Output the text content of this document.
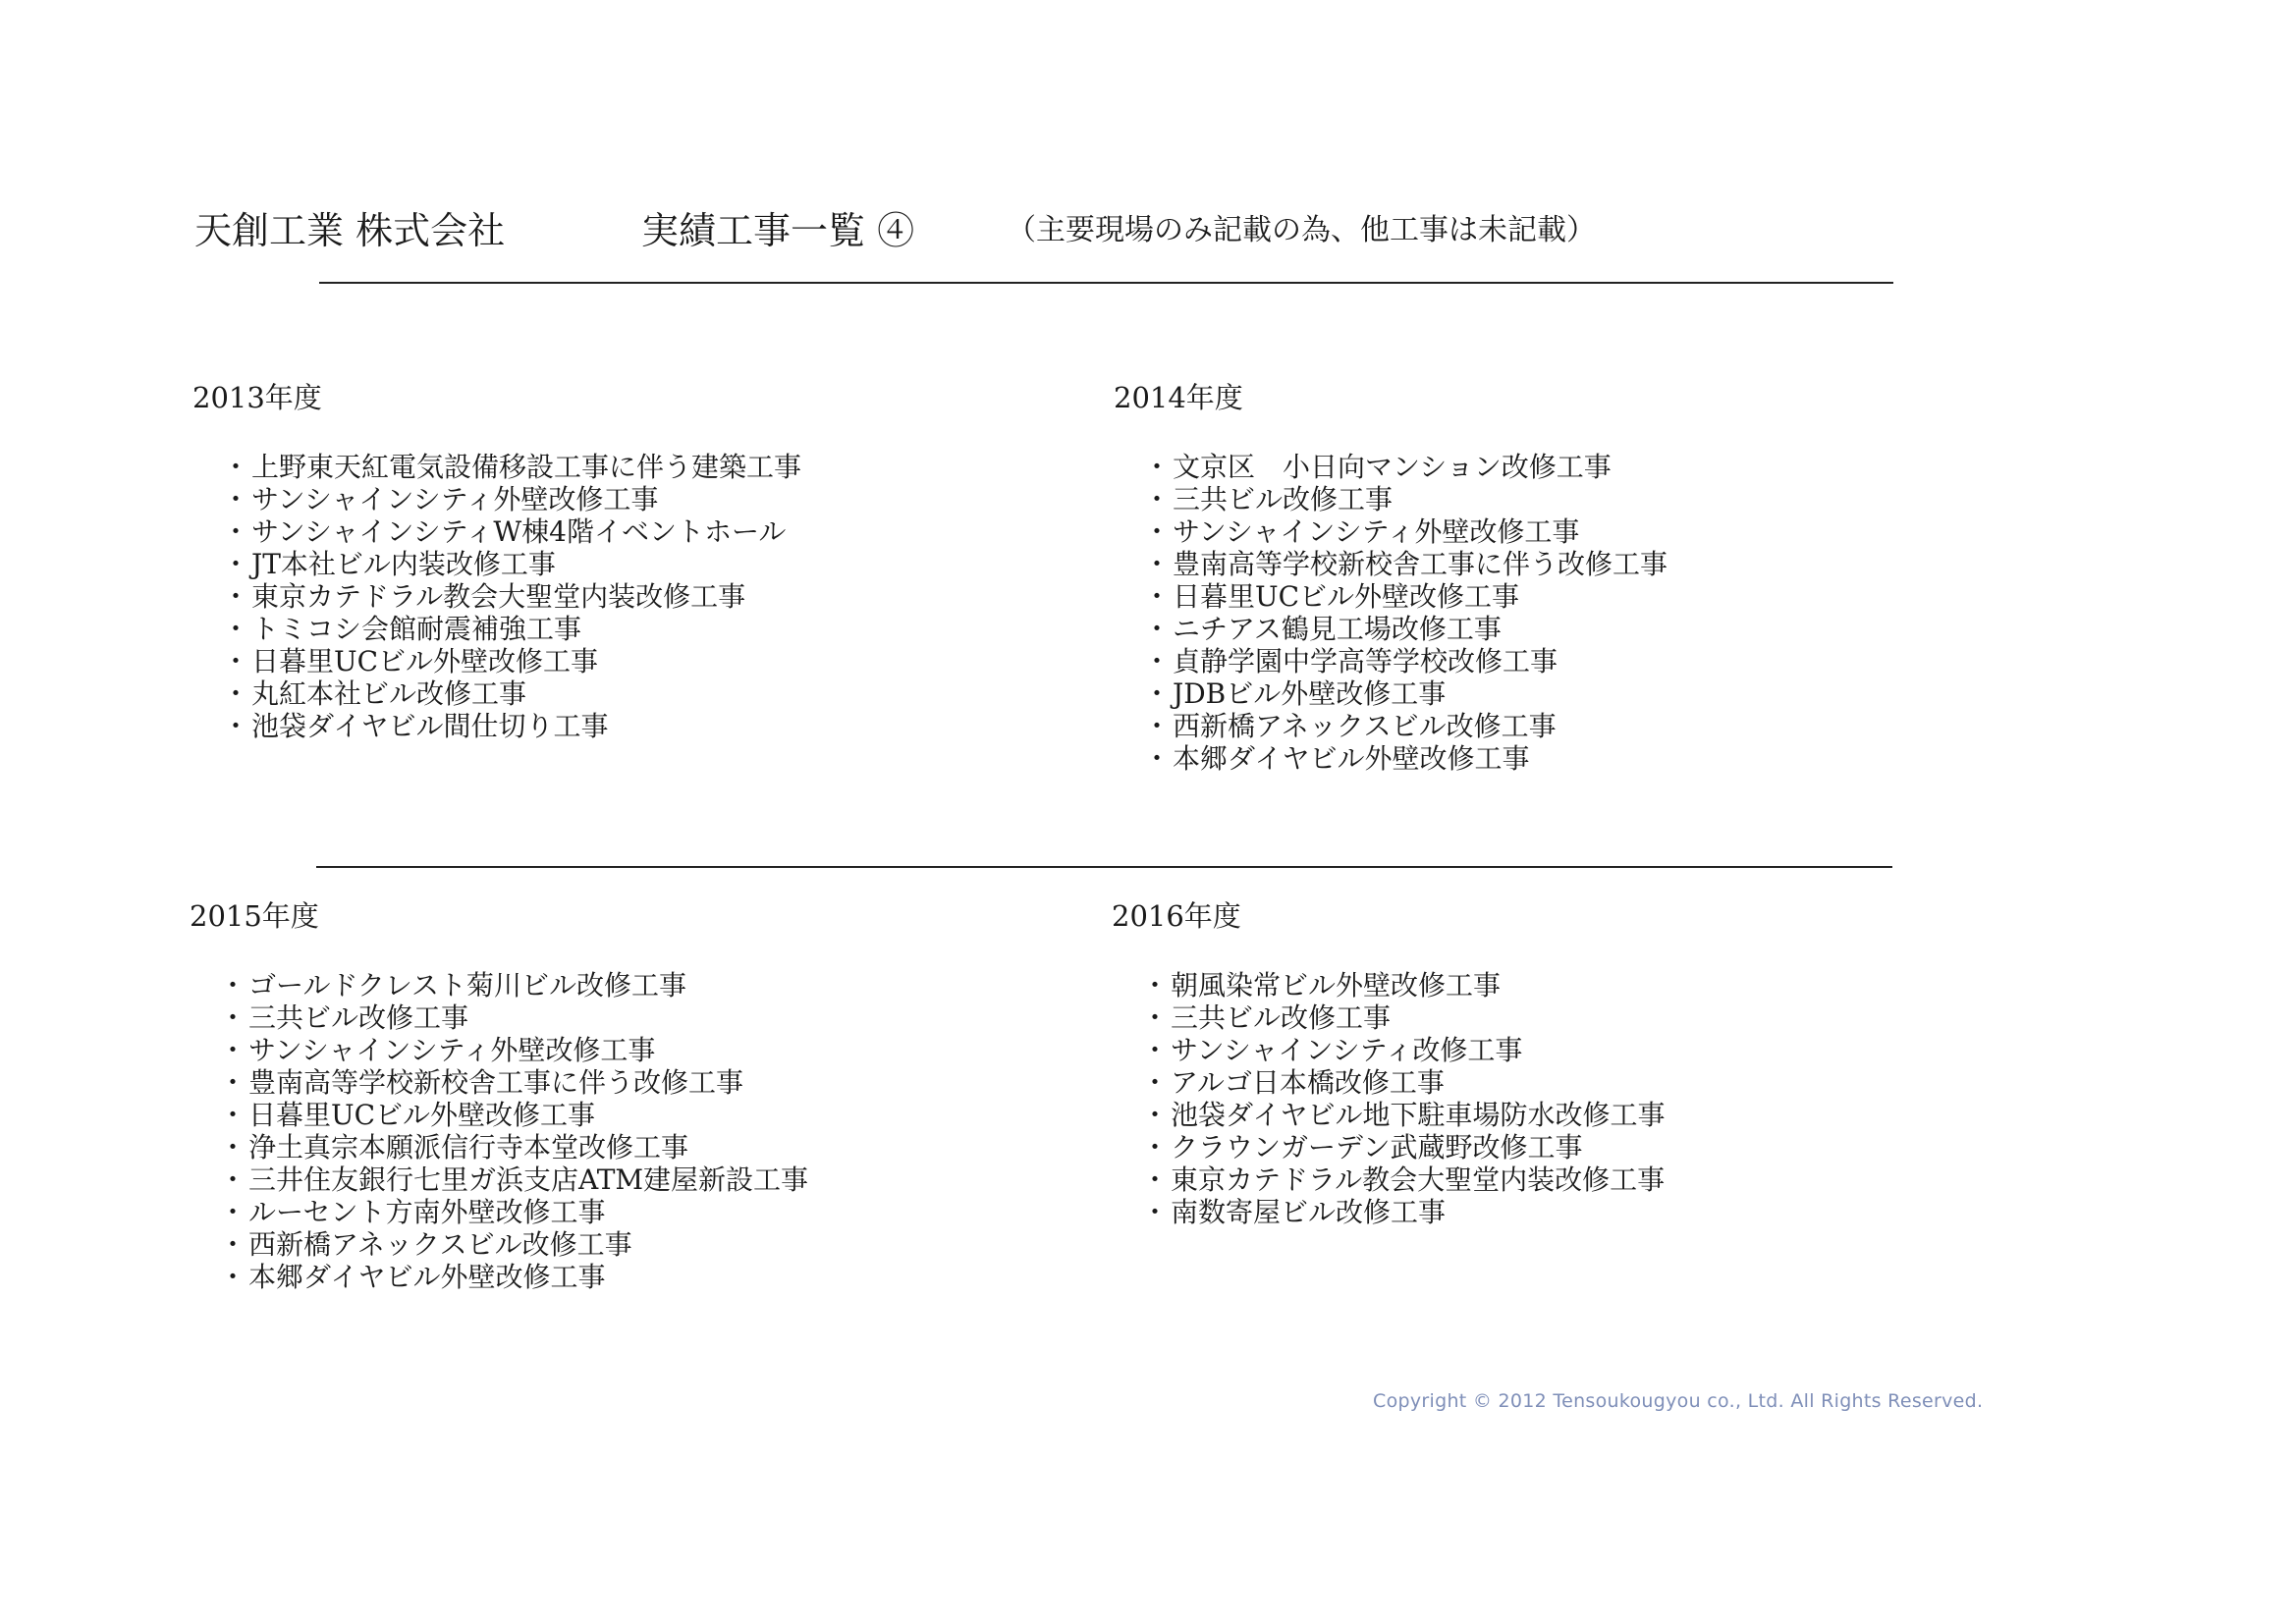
天創工業 株式会社	実績工事一覧 ④	（主要現場のみ記載の為、他工事は未記載）
2013年度
・ 上野東天紅電気設備移設工事に伴う建築工事
・ サンシャインシティ外壁改修工事
・ サンシャインシティW棟4階イベントホール
・ JT本社ビル内装改修工事
・ 東京カテドラル教会大聖堂内装改修工事
・ トミコシ会館耐震補強工事
・ 日暮里UCビル外壁改修工事
・ 丸紅本社ビル改修工事
・ 池袋ダイヤビル間仕切り工事
2014年度
・ 文京区　小日向マンション改修工事
・ 三共ビル改修工事
・ サンシャインシティ外壁改修工事
・ 豊南高等学校新校舎工事に伴う改修工事
・ 日暮里UCビル外壁改修工事
・ ニチアス鶴見工場改修工事
・ 貞静学園中学高等学校改修工事
・ JDBビル外壁改修工事
・ 西新橋アネックスビル改修工事
・ 本郷ダイヤビル外壁改修工事
2015年度
・ ゴールドクレスト菊川ビル改修工事
・ 三共ビル改修工事
・ サンシャインシティ外壁改修工事
・ 豊南高等学校新校舎工事に伴う改修工事
・ 日暮里UCビル外壁改修工事
・ 浄土真宗本願派信行寺本堂改修工事
・ 三井住友銀行七里ガ浜支店ATM建屋新設工事
・ ルーセント方南外壁改修工事
・ 西新橋アネックスビル改修工事
・ 本郷ダイヤビル外壁改修工事
2016年度
・ 朝風染常ビル外壁改修工事
・ 三共ビル改修工事
・ サンシャインシティ改修工事
・ アルゴ日本橋改修工事
・ 池袋ダイヤビル地下駐車場防水改修工事
・ クラウンガーデン武蔵野改修工事
・ 東京カテドラル教会大聖堂内装改修工事
・ 南数寄屋ビル改修工事
Copyright © 2012 Tensoukougyou co., Ltd. All Rights Reserved.
